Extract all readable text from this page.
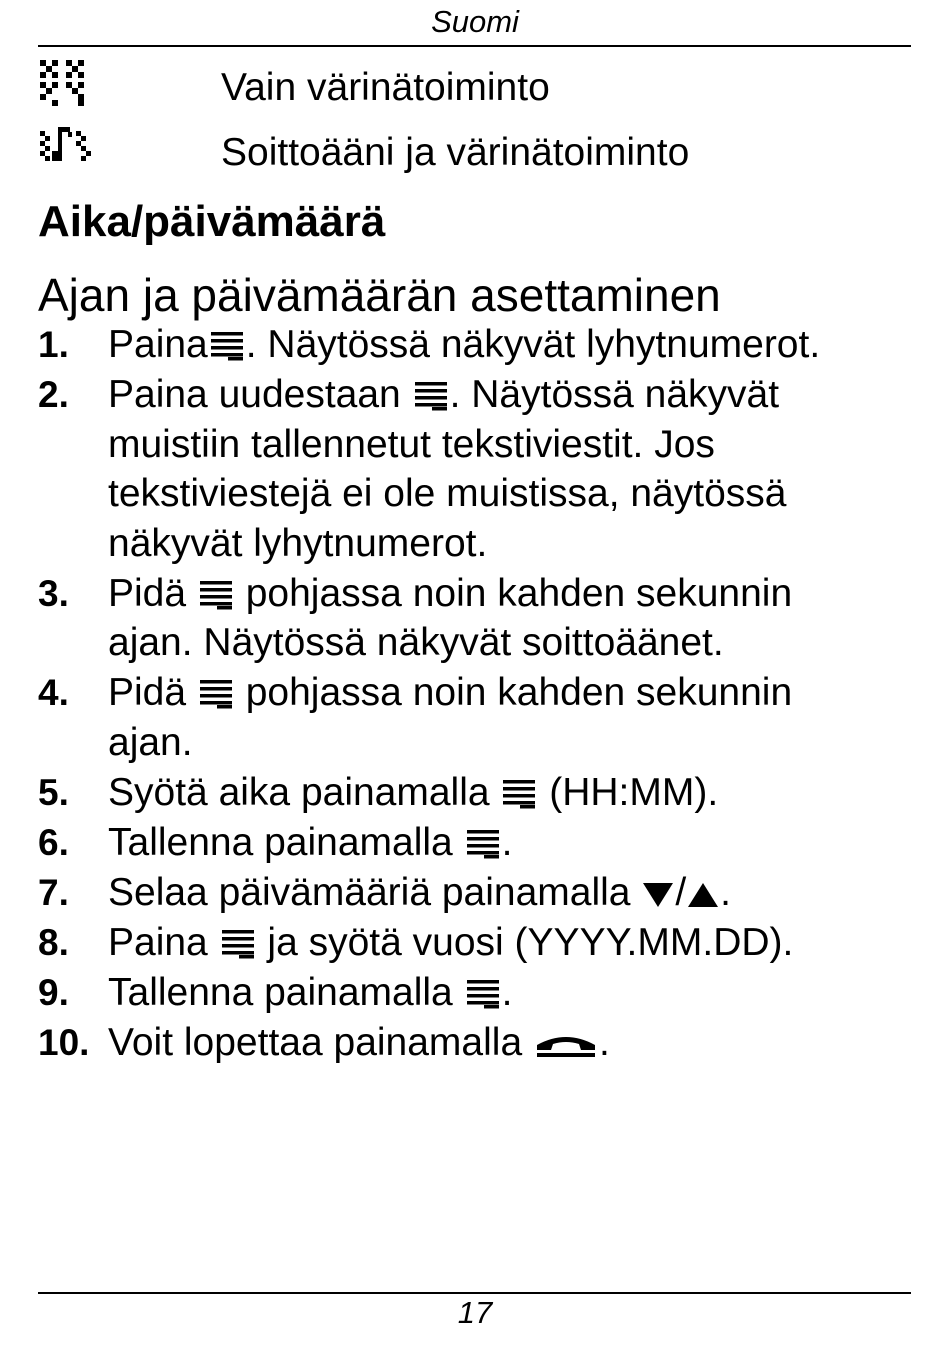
Suomi
Vain värinätoiminto
Soittoääni ja värinätoiminto
Aika/päivämäärä
Ajan ja päivämäärän asettaminen
1. Paina . Näytössä näkyvät lyhytnumerot.
2. Paina uudestaan . Näytössä näkyvät
muistiin tallennetut tekstiviestit. Jos
tekstiviestejä ei ole muistissa, näytössä
näkyvät lyhytnumerot.
3. Pidä  pohjassa noin kahden sekunnin
ajan. Näytössä näkyvät soittoäänet.
4. Pidä  pohjassa noin kahden sekunnin
ajan.
5. Syötä aika painamalla  (HH:MM).
6. Tallenna painamalla .
7. Selaa päivämääriä painamalla / .
8. Paina  ja syötä vuosi (YYYY.MM.DD).
9. Tallenna painamalla .
10. Voit lopettaa painamalla .
17
